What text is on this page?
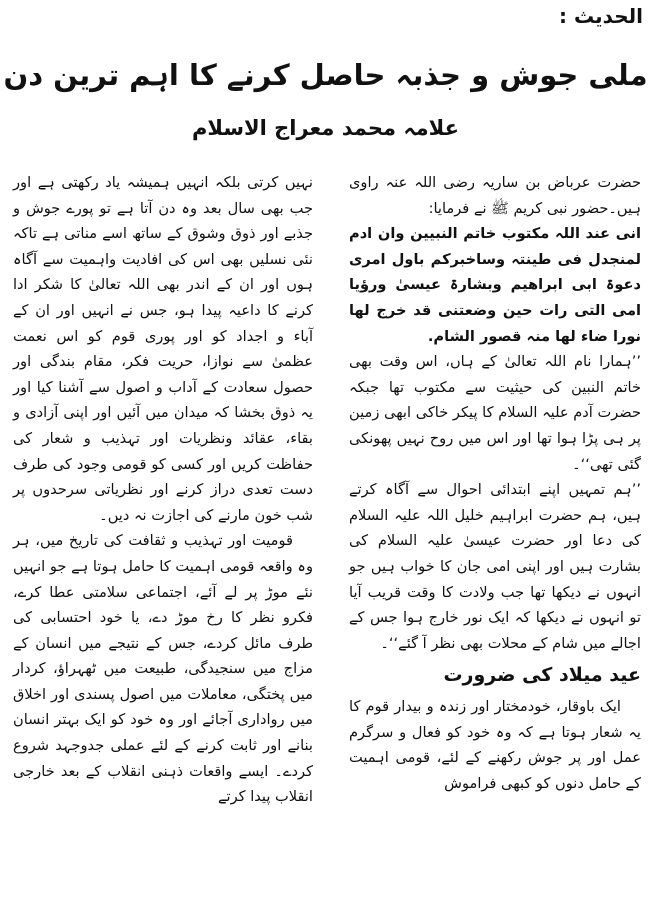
الحدیث :
ملی جوش و جذبہ حاصل کرنے کا اہم ترین دن
علامہ محمد معراج الاسلام

حضرت عرباض بن ساریہ رضی اللہ عنہ راوی ہیں۔حضور نبی کریم ﷺ نے فرمایا:

انی عند اللہ مکتوب خاتم النبیین وان ادم لمنجدل فی طینتہ وساخبرکم باول امری دعوۃ ابی ابراھیم وبشارۃ عیسیٰ ورؤیا امی التی رات حین وضعتنی قد خرج لھا نورا ضاء لھا منہ قصور الشام.

’’ہمارا نام اللہ تعالیٰ کے ہاں، اس وقت بھی خاتم النبین کی حیثیت سے مکتوب تھا جبکہ حضرت آدم علیہ السلام کا پیکر خاکی ابھی زمین پر ہی پڑا ہوا تھا اور اس میں روح نہیں پھونکی گئی تھی‘‘۔

’’ہم تمہیں اپنے ابتدائی احوال سے آگاہ کرتے ہیں، ہم حضرت ابراہیم خلیل اللہ علیہ السلام کی دعا اور حضرت عیسیٰ علیہ السلام کی بشارت ہیں اور اپنی امی جان کا خواب ہیں جو انہوں نے دیکھا تھا جب ولادت کا وقت قریب آیا تو انہوں نے دیکھا کہ ایک نور خارج ہوا جس کے اجالے میں شام کے محلات بھی نظر آ گئے‘‘۔

عید میلاد کی ضرورت

ایک باوقار، خودمختار اور زندہ و بیدار قوم کا یہ شعار ہوتا ہے کہ وہ خود کو فعال و سرگرم عمل اور پر جوش رکھنے کے لئے، قومی اہمیت کے حامل دنوں کو کبھی فراموش

نہیں کرتی بلکہ انہیں ہمیشہ یاد رکھتی ہے اور جب بھی سال بعد وہ دن آتا ہے تو پورے جوش و جذبے اور ذوق وشوق کے ساتھ اسے مناتی ہے تاکہ نئی نسلیں بھی اس کی افادیت واہمیت سے آگاہ ہوں اور ان کے اندر بھی اللہ تعالیٰ کا شکر ادا کرنے کا داعیہ پیدا ہو، جس نے انہیں اور ان کے آباء و اجداد کو اور پوری قوم کو اس نعمت عظمیٰ سے نوازا، حریت فکر، مقام بندگی اور حصول سعادت کے آداب و اصول سے آشنا کیا اور یہ ذوق بخشا کہ میدان میں آئیں اور اپنی آزادی و بقاء، عقائد ونظریات اور تہذیب و شعار کی حفاظت کریں اور کسی کو قومی وجود کی طرف دست تعدی دراز کرنے اور نظریاتی سرحدوں پر شب خون مارنے کی اجازت نہ دیں۔

قومیت اور تہذیب و ثقافت کی تاریخ میں، ہر وہ واقعہ قومی اہمیت کا حامل ہوتا ہے جو انہیں نئے موڑ پر لے آئے، اجتماعی سلامتی عطا کرے، فکرو نظر کا رخ موڑ دے، یا خود احتسابی کی طرف مائل کردے، جس کے نتیجے میں انسان کے مزاج میں سنجیدگی، طبیعت میں ٹھہراؤ، کردار میں پختگی، معاملات میں اصول پسندی اور اخلاق میں رواداری آجائے اور وہ خود کو ایک بہتر انسان بنانے اور ثابت کرنے کے لئے عملی جدوجہد شروع کردے۔ ایسے واقعات ذہنی انقلاب کے بعد خارجی انقلاب پیدا کرتے
